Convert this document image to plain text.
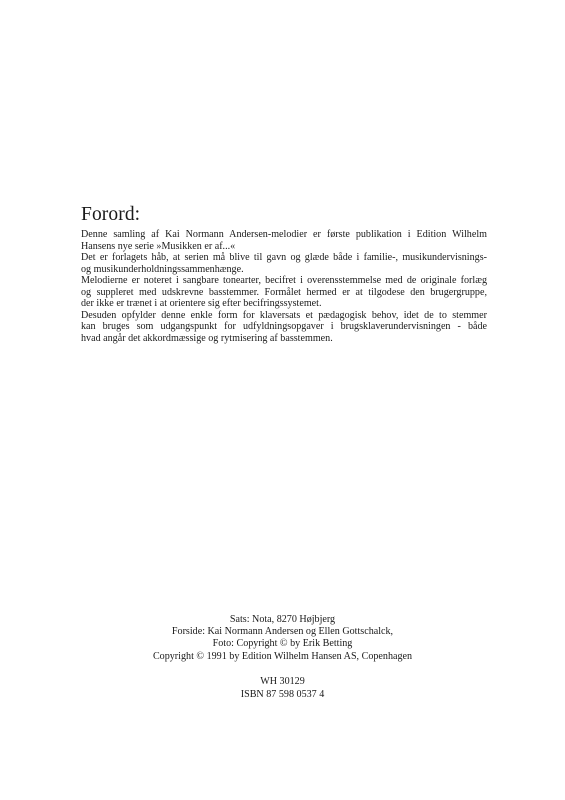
Forord:

Denne samling af Kai Normann Andersen-melodier er første publikation i Edition Wilhelm
Hansens nye serie »Musikken er af...«

Det er forlagets håb, at serien må blive til gavn og glæde både i familie-, musikundervisnings-
og musikunderholdningssammenhænge.

Melodierne er noteret i sangbare tonearter, becifret i overensstemmelse med de originale forlæg
og suppleret med udskrevne basstemmer. Formålet hermed er at tilgodese den brugergruppe,
der ikke er trænet i at orientere sig efter becifringssystemet.

Desuden opfylder denne enkle form for klaversats et pædagogisk behov, idet de to stemmer
kan bruges som udgangspunkt for udfyldningsopgaver i brugsklaverundervisningen - både
hvad angår det akkordmæssige og rytmisering af basstemmen.

Sats: Nota, 8270 Højbjerg
Forside: Kai Normann Andersen og Ellen Gottschalck,
Foto: Copyright © by Erik Betting
Copyright © 1991 by Edition Wilhelm Hansen AS, Copenhagen
WH 30129
ISBN 87 598 0537 4
